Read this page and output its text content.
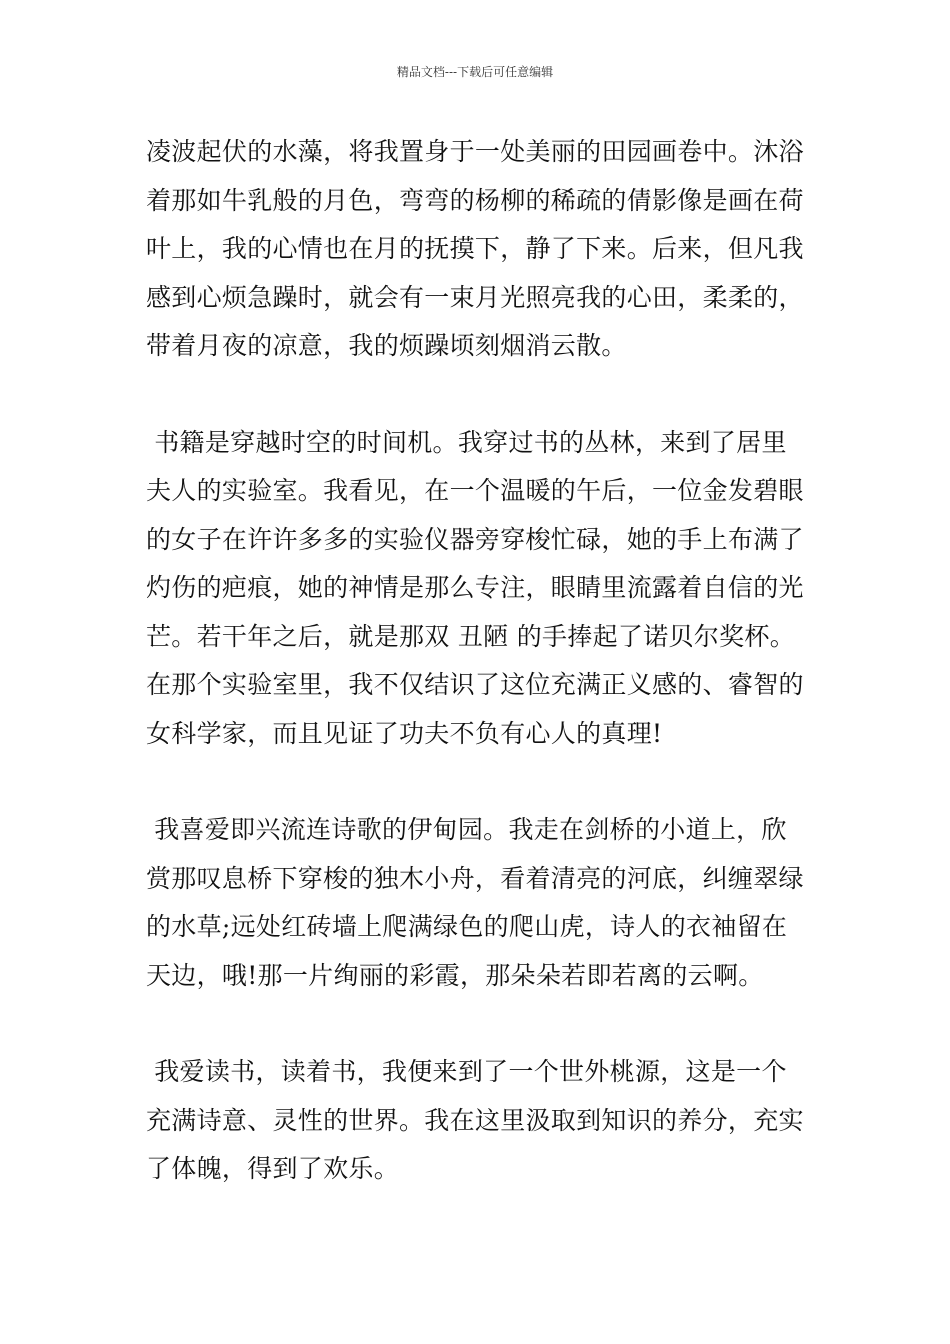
精品文档---下载后可任意编辑

凌波起伏的水藻，将我置身于一处美丽的田园画卷中。沐浴着那如牛乳般的月色，弯弯的杨柳的稀疏的倩影像是画在荷叶上，我的心情也在月的抚摸下，静了下来。后来，但凡我感到心烦急躁时，就会有一束月光照亮我的心田，柔柔的，带着月夜的凉意，我的烦躁顷刻烟消云散。

书籍是穿越时空的时间机。我穿过书的丛林，来到了居里夫人的实验室。我看见，在一个温暖的午后，一位金发碧眼的女子在许许多多的实验仪器旁穿梭忙碌，她的手上布满了灼伤的疤痕，她的神情是那么专注，眼睛里流露着自信的光芒。若干年之后，就是那双 丑陋 的手捧起了诺贝尔奖杯。在那个实验室里，我不仅结识了这位充满正义感的、睿智的女科学家，而且见证了功夫不负有心人的真理!

我喜爱即兴流连诗歌的伊甸园。我走在剑桥的小道上，欣赏那叹息桥下穿梭的独木小舟，看着清亮的河底，纠缠翠绿的水草;远处红砖墙上爬满绿色的爬山虎，诗人的衣袖留在天边，哦!那一片绚丽的彩霞，那朵朵若即若离的云啊。

我爱读书，读着书，我便来到了一个世外桃源，这是一个充满诗意、灵性的世界。我在这里汲取到知识的养分，充实了体魄，得到了欢乐。
